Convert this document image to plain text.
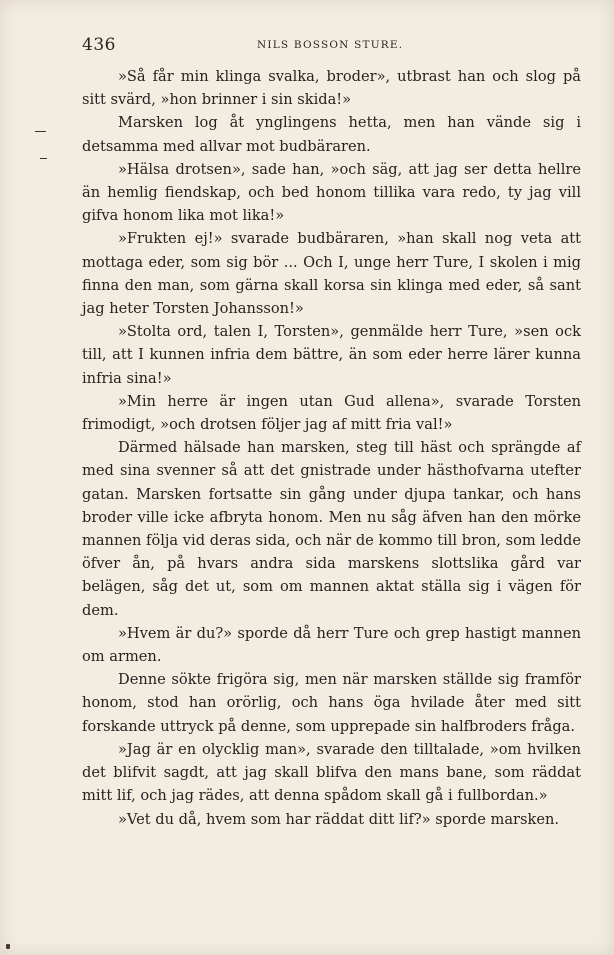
436	NILS BOSSON STURE.

»Så får min klinga svalka, broder», utbrast han och slog på sitt svärd, »hon brinner i sin skida!»

Marsken log åt ynglingens hetta, men han vände sig i detsamma med allvar mot budbäraren.

»Hälsa drotsen», sade han, »och säg, att jag ser detta hellre än hemlig fiendskap, och bed honom tillika vara redo, ty jag vill gifva honom lika mot lika!»

»Frukten ej!» svarade budbäraren, »han skall nog veta att mottaga eder, som sig bör ... Och I, unge herr Ture, I skolen i mig finna den man, som gärna skall korsa sin klinga med eder, så sant jag heter Torsten Johansson!»

»Stolta ord, talen I, Torsten», genmälde herr Ture, »sen ock till, att I kunnen infria dem bättre, än som eder herre lärer kunna infria sina!»

»Min herre är ingen utan Gud allena», svarade Torsten frimodigt, »och drotsen följer jag af mitt fria val!»

Därmed hälsade han marsken, steg till häst och sprängde af med sina svenner så att det gnistrade under hästhofvarna utefter gatan. Marsken fortsatte sin gång under djupa tankar, och hans broder ville icke afbryta honom. Men nu såg äfven han den mörke mannen följa vid deras sida, och när de kommo till bron, som ledde öfver ån, på hvars andra sida marskens slottslika gård var belägen, såg det ut, som om mannen aktat ställa sig i vägen för dem.

»Hvem är du?» sporde då herr Ture och grep hastigt mannen om armen.

Denne sökte frigöra sig, men när marsken ställde sig framför honom, stod han orörlig, och hans öga hvilade åter med sitt forskande uttryck på denne, som upprepade sin halfbroders fråga.

»Jag är en olycklig man», svarade den tilltalade, »om hvilken det blifvit sagdt, att jag skall blifva den mans bane, som räddat mitt lif, och jag rädes, att denna spådom skall gå i fullbordan.»

»Vet du då, hvem som har räddat ditt lif?» sporde marsken.
